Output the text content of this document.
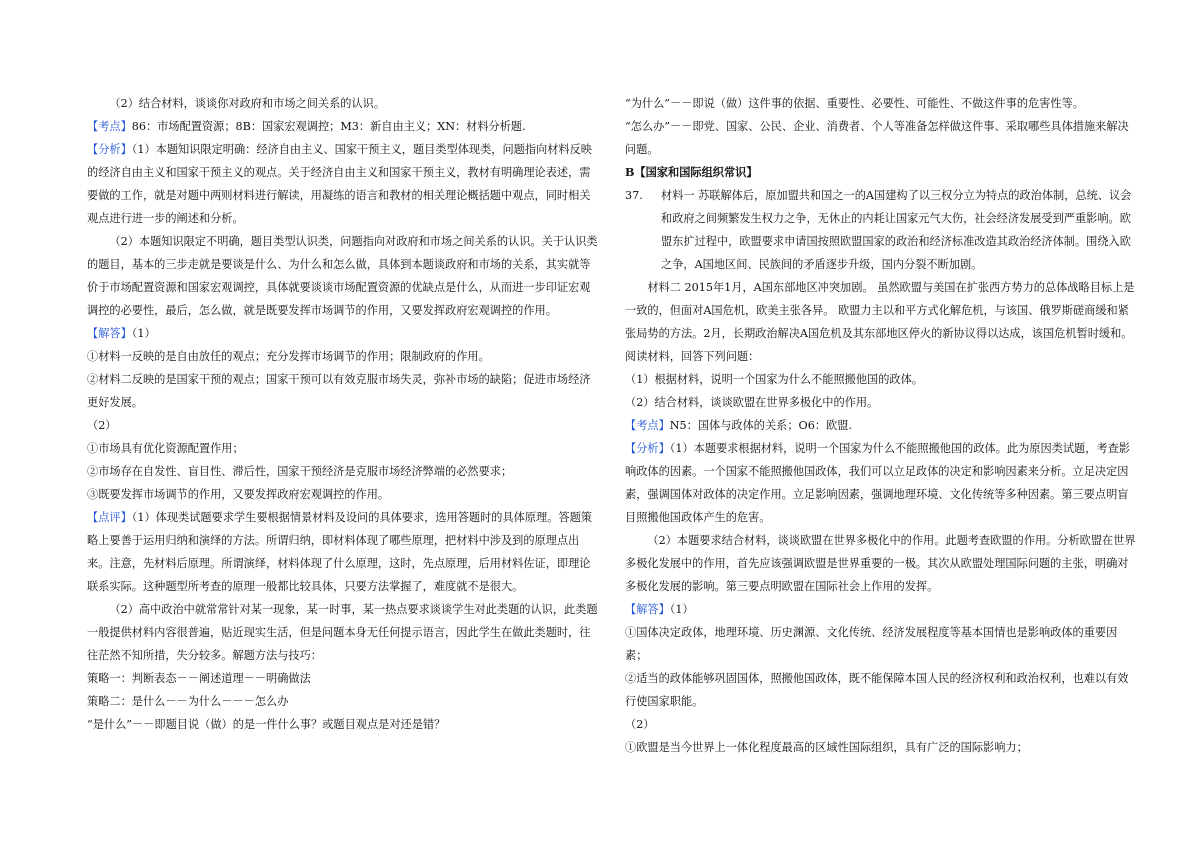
（2）结合材料，谈谈你对政府和市场之间关系的认识。

【考点】86：市场配置资源；8B：国家宏观调控；M3：新自由主义；XN：材料分析题.

【分析】（1）本题知识限定明确：经济自由主义、国家干预主义，题目类型体现类，问题指向材料反映的经济自由主义和国家干预主义的观点。关于经济自由主义和国家干预主义，教材有明确理论表述，需要做的工作，就是对题中两则材料进行解读，用凝练的语言和教材的相关理论概括题中观点，同时相关观点进行进一步的阐述和分析。

（2）本题知识限定不明确，题目类型认识类，问题指向对政府和市场之间关系的认识。关于认识类的题目，基本的三步走就是要谈是什么、为什么和怎么做，具体到本题谈政府和市场的关系，其实就等价于市场配置资源和国家宏观调控，具体就要谈谈市场配置资源的优缺点是什么，从而进一步印证宏观调控的必要性，最后，怎么做，就是既要发挥市场调节的作用，又要发挥政府宏观调控的作用。

【解答】（1）

①材料一反映的是自由放任的观点；充分发挥市场调节的作用；限制政府的作用。

②材料二反映的是国家干预的观点；国家干预可以有效克服市场失灵，弥补市场的缺陷；促进市场经济更好发展。

（2）

①市场具有优化资源配置作用；

②市场存在自发性、盲目性、滞后性，国家干预经济是克服市场经济弊端的必然要求；

③既要发挥市场调节的作用，又要发挥政府宏观调控的作用。

【点评】（1）体现类试题要求学生要根据情景材料及设问的具体要求，选用答题时的具体原理。答题策略上要善于运用归纳和演绎的方法。所谓归纳，即材料体现了哪些原理，把材料中涉及到的原理点出来。注意，先材料后原理。所谓演绎，材料体现了什么原理，这时，先点原理，后用材料佐证，即理论联系实际。这种题型所考查的原理一般都比较具体，只要方法掌握了，难度就不是很大。

（2）高中政治中就常常针对某一现象，某一时事，某一热点要求谈谈学生对此类题的认识，此类题一般提供材料内容很普遍，贴近现实生活，但是问题本身无任何提示语言，因此学生在做此类题时，往往茫然不知所措，失分较多。解题方法与技巧：

策略一：判断表态－－阐述道理－－明确做法

策略二：是什么－－为什么－－－怎么办

“是什么”－－即题目说（做）的是一件什么事？或题目观点是对还是错？

“为什么”－－即说（做）这件事的依据、重要性、必要性、可能性、不做这件事的危害性等。

“怎么办”－－即党、国家、公民、企业、消费者、个人等准备怎样做这件事、采取哪些具体措施来解决问题。

B【国家和国际组织常识】

37.	材料一 苏联解体后，原加盟共和国之一的A国建构了以三权分立为特点的政治体制，总统、议会和政府之间频繁发生权力之争，无休止的内耗让国家元气大伤，社会经济发展受到严重影响。欧盟东扩过程中，欧盟要求申请国按照欧盟国家的政治和经济标准改造其政治经济体制。围绕入欧之争，A国地区间、民族间的矛盾逐步升级，国内分裂不断加剧。

材料二 2015年1月，A国东部地区冲突加剧。 虽然欧盟与美国在扩张西方势力的总体战略目标上是一致的，但面对A国危机，欧美主张各异。 欧盟力主以和平方式化解危机，与该国、俄罗斯磋商缓和紧张局势的方法。2月，长期政治解决A国危机及其东部地区停火的新协议得以达成，该国危机暂时缓和。

阅读材料，回答下列问题：

（1）根据材料，说明一个国家为什么不能照搬他国的政体。

（2）结合材料，谈谈欧盟在世界多极化中的作用。

【考点】N5：国体与政体的关系；O6：欧盟.

【分析】（1）本题要求根据材料，说明一个国家为什么不能照搬他国的政体。此为原因类试题，考查影响政体的因素。一个国家不能照搬他国政体，我们可以立足政体的决定和影响因素来分析。立足决定因素，强调国体对政体的决定作用。立足影响因素，强调地理环境、文化传统等多种因素。第三要点明盲目照搬他国政体产生的危害。

（2）本题要求结合材料，谈谈欧盟在世界多极化中的作用。此题考查欧盟的作用。分析欧盟在世界多极化发展中的作用，首先应该强调欧盟是世界重要的一极。其次从欧盟处理国际问题的主张，明确对多极化发展的影响。第三要点明欧盟在国际社会上作用的发挥。

【解答】（1）

①国体决定政体，地理环境、历史渊源、文化传统、经济发展程度等基本国情也是影响政体的重要因素；

②适当的政体能够巩固国体，照搬他国政体，既不能保障本国人民的经济权利和政治权利，也难以有效行使国家职能。

（2）

①欧盟是当今世界上一体化程度最高的区域性国际组织，具有广泛的国际影响力；
